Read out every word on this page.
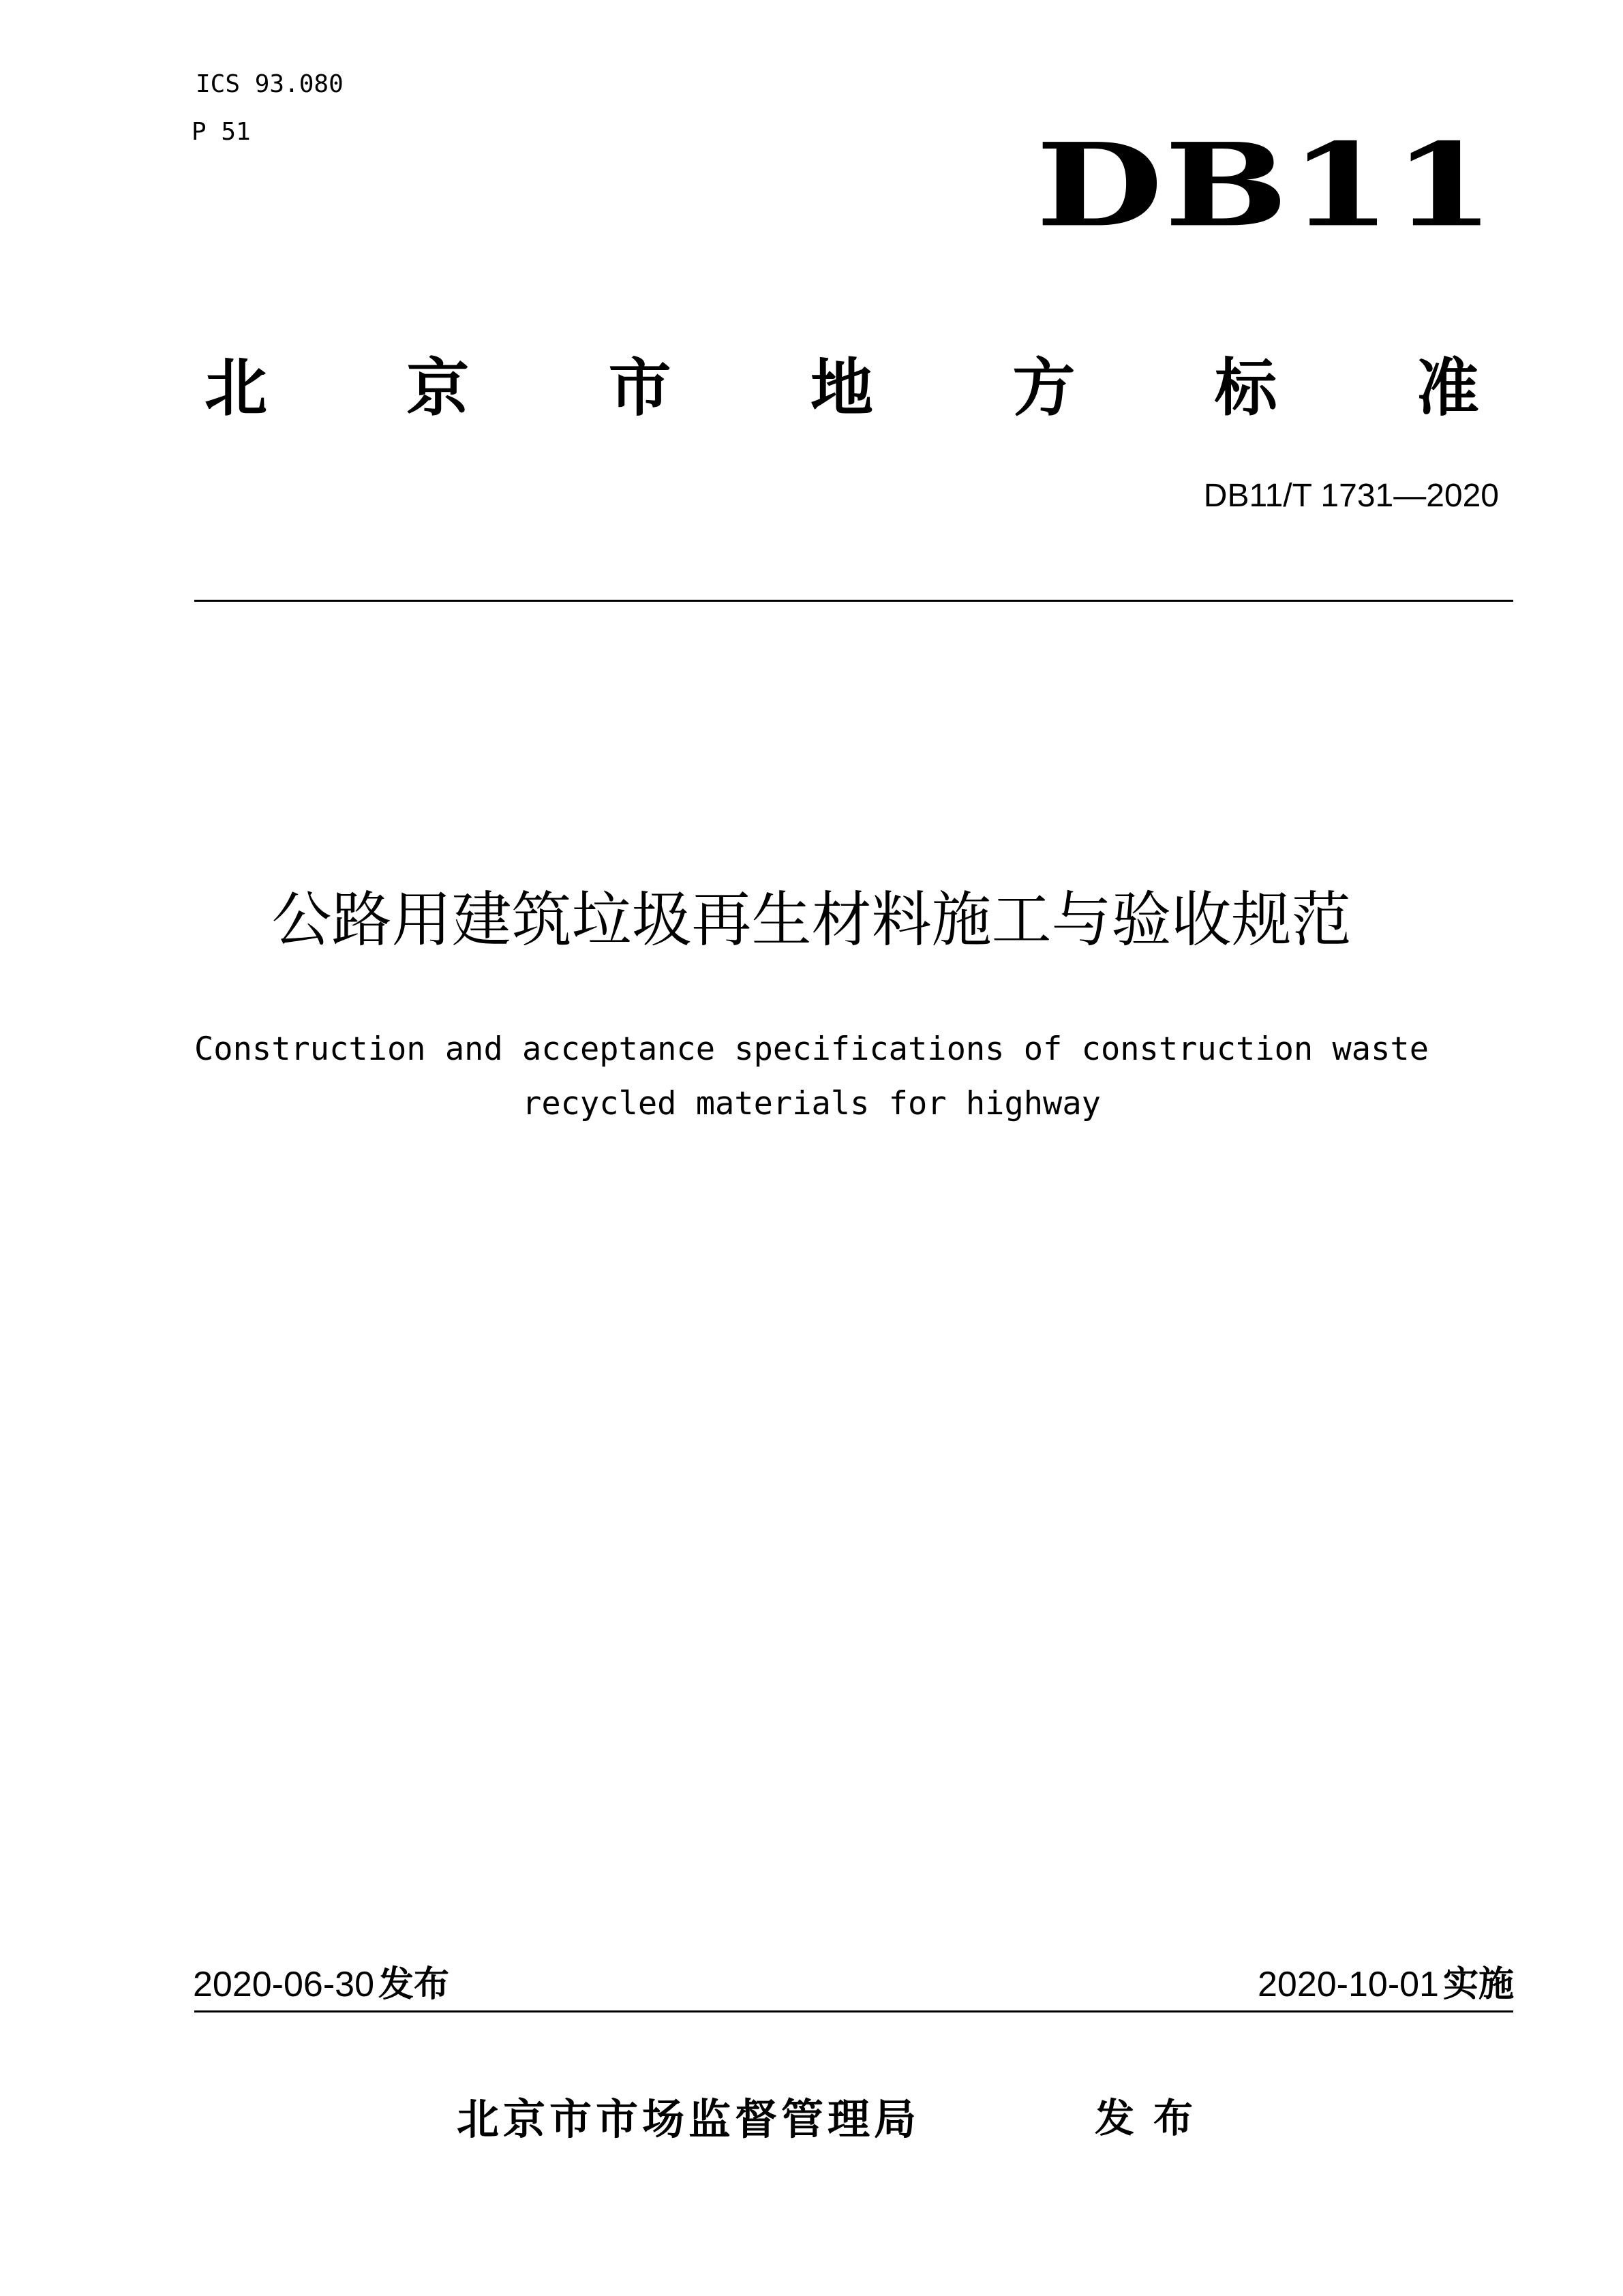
ICS 93.080
P 51	DB11
北 京 市 地 方 标 准
DB11/T 1731—2020
公路用建筑垃圾再生材料施工与验收规范
Construction and acceptance specifications of construction waste
recycled materials for highway
2020-06-30 发布	2020-10-01 实施
北京市市场监督管理局	发布
